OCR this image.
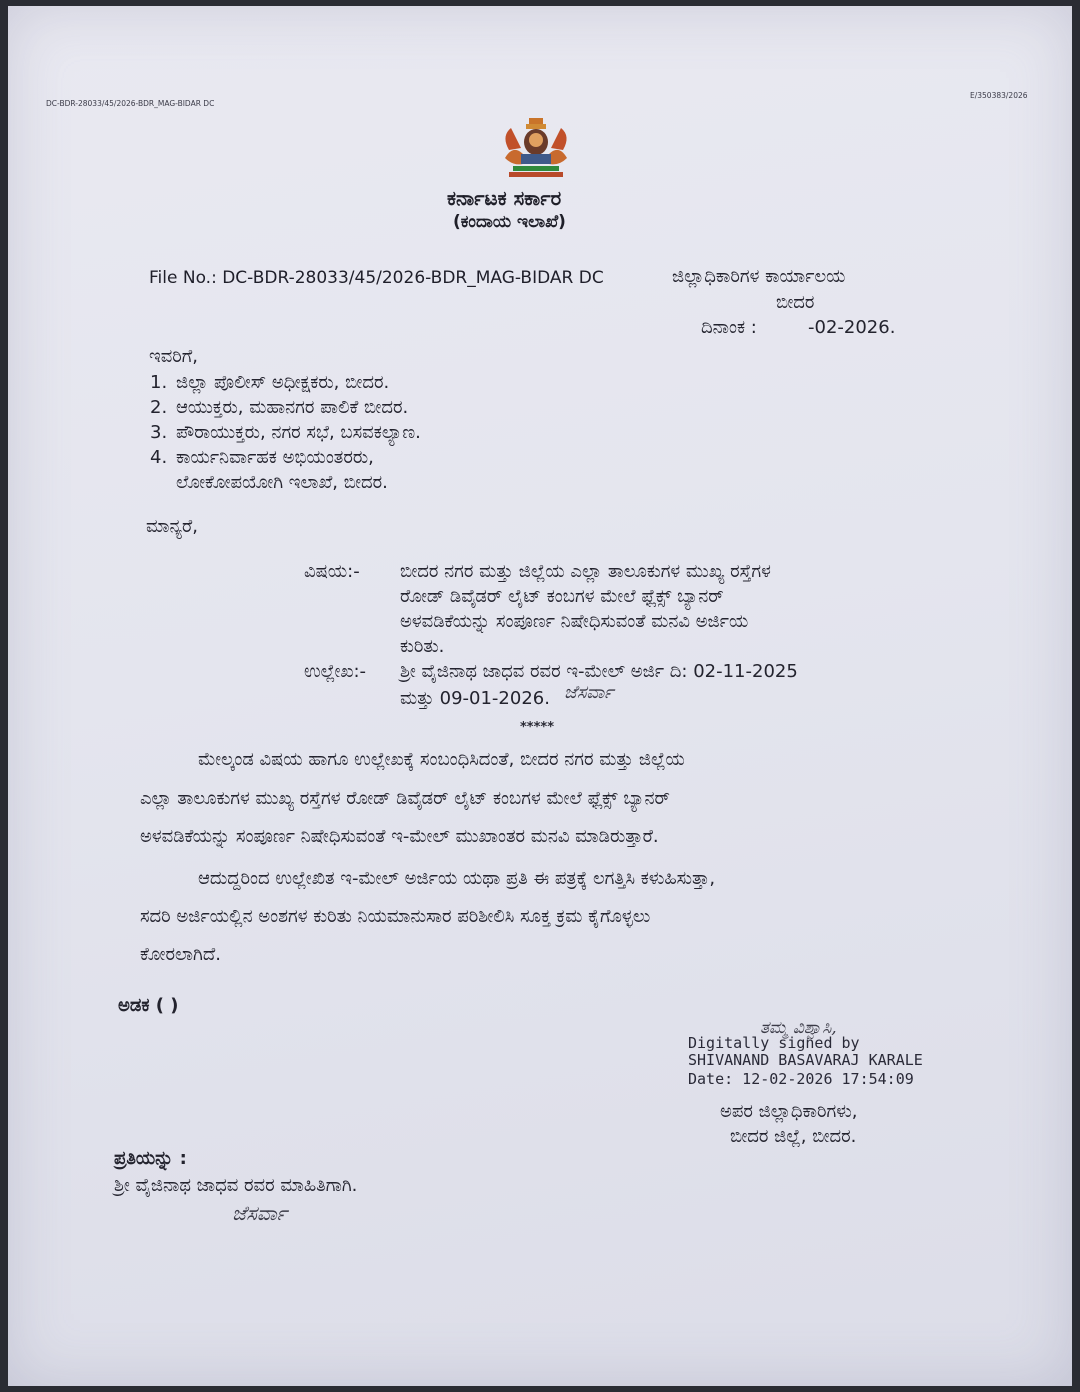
DC-BDR-28033/45/2026-BDR_MAG-BIDAR DC
E/350383/2026
ಕರ್ನಾಟಕ ಸರ್ಕಾರ
(ಕಂದಾಯ ಇಲಾಖೆ)
File No.: DC-BDR-28033/45/2026-BDR_MAG-BIDAR DC	ಜಿಲ್ಲಾಧಿಕಾರಿಗಳ ಕಾರ್ಯಾಲಯ
ಬೀದರ
ದಿನಾಂಕ :	-02-2026.
ಇವರಿಗೆ,
1. ಜಿಲ್ಲಾ ಪೊಲೀಸ್ ಅಧೀಕ್ಷಕರು, ಬೀದರ.
2. ಆಯುಕ್ತರು, ಮಹಾನಗರ ಪಾಲಿಕೆ ಬೀದರ.
3. ಪೌರಾಯುಕ್ತರು, ನಗರ ಸಭೆ, ಬಸವಕಲ್ಯಾಣ.
4. ಕಾರ್ಯನಿರ್ವಾಹಕ ಅಭಿಯಂತರರು,
ಲೋಕೋಪಯೋಗಿ ಇಲಾಖೆ, ಬೀದರ.
ಮಾನ್ಯರೆ,
ವಿಷಯ:- ಬೀದರ ನಗರ ಮತ್ತು ಜಿಲ್ಲೆಯ ಎಲ್ಲಾ ತಾಲೂಕುಗಳ ಮುಖ್ಯ ರಸ್ತೆಗಳ
ರೋಡ್ ಡಿವೈಡರ್ ಲೈಟ್ ಕಂಬಗಳ ಮೇಲೆ ಫ್ಲೆಕ್ಸ್ ಬ್ಯಾನರ್
ಅಳವಡಿಕೆಯನ್ನು ಸಂಪೂರ್ಣ ನಿಷೇಧಿಸುವಂತೆ ಮನವಿ ಅರ್ಜಿಯ
ಕುರಿತು.
ಉಲ್ಲೇಖ:- ಶ್ರೀ ವೈಜಿನಾಥ ಜಾಧವ ರವರ ಇ-ಮೇಲ್ ಅರ್ಜಿ ದಿ: 02-11-2025
ಮತ್ತು 09-01-2026. ಜೆಸರ್ವಾ
*****
ಮೇಲ್ಕಂಡ ವಿಷಯ ಹಾಗೂ ಉಲ್ಲೇಖಕ್ಕೆ ಸಂಬಂಧಿಸಿದಂತೆ, ಬೀದರ ನಗರ ಮತ್ತು ಜಿಲ್ಲೆಯ
ಎಲ್ಲಾ ತಾಲೂಕುಗಳ ಮುಖ್ಯ ರಸ್ತೆಗಳ ರೋಡ್ ಡಿವೈಡರ್ ಲೈಟ್ ಕಂಬಗಳ ಮೇಲೆ ಫ್ಲೆಕ್ಸ್ ಬ್ಯಾನರ್
ಅಳವಡಿಕೆಯನ್ನು ಸಂಪೂರ್ಣ ನಿಷೇಧಿಸುವಂತೆ ಇ-ಮೇಲ್ ಮುಖಾಂತರ ಮನವಿ ಮಾಡಿರುತ್ತಾರೆ.
ಆದುದ್ದರಿಂದ ಉಲ್ಲೇಖಿತ ಇ-ಮೇಲ್ ಅರ್ಜಿಯ ಯಥಾ ಪ್ರತಿ ಈ ಪತ್ರಕ್ಕೆ ಲಗತ್ತಿಸಿ ಕಳುಹಿಸುತ್ತಾ,
ಸದರಿ ಅರ್ಜಿಯಲ್ಲಿನ ಅಂಶಗಳ ಕುರಿತು ನಿಯಮಾನುಸಾರ ಪರಿಶೀಲಿಸಿ ಸೂಕ್ತ ಕ್ರಮ ಕೈಗೊಳ್ಳಲು
ಕೋರಲಾಗಿದೆ.
ಅಡಕ ( )
Digitally signed by
ತಮ್ಮ ವಿಶ್ವಾಸಿ,
SHIVANAND BASAVARAJ KARALE
Date: 12-02-2026 17:54:09
ಅಪರ ಜಿಲ್ಲಾಧಿಕಾರಿಗಳು,
ಬೀದರ ಜಿಲ್ಲೆ, ಬೀದರ.
ಪ್ರತಿಯನ್ನು :
ಶ್ರೀ ವೈಜಿನಾಥ ಜಾಧವ ರವರ ಮಾಹಿತಿಗಾಗಿ.
ಜೆಸರ್ವಾ
